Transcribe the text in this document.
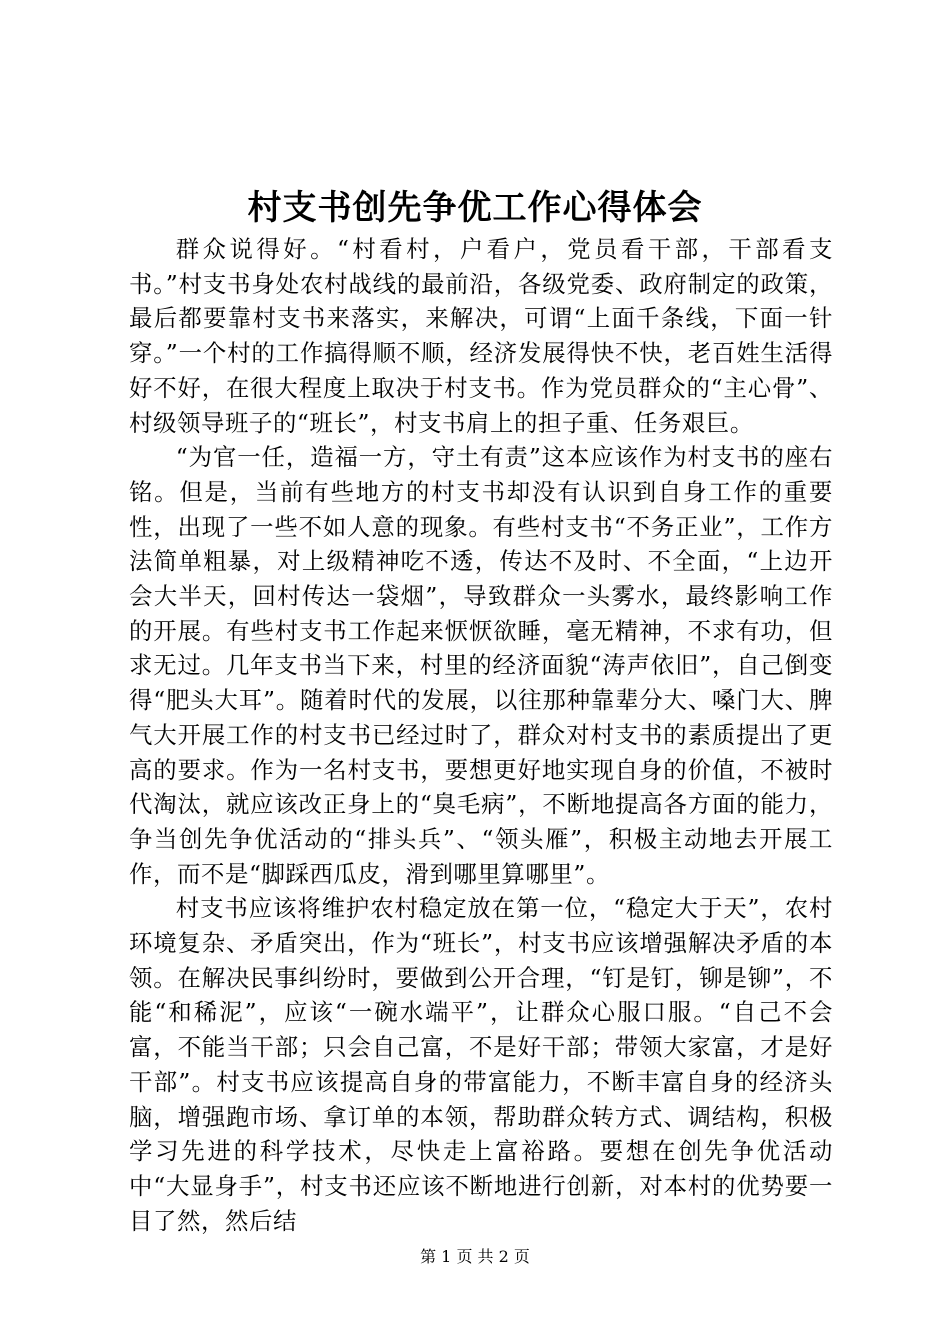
村支书创先争优工作心得体会

群众说得好。“村看村，户看户，党员看干部，干部看支书。”村支书身处农村战线的最前沿，各级党委、政府制定的政策，最后都要靠村支书来落实，来解决，可谓“上面千条线，下面一针穿。”一个村的工作搞得顺不顺，经济发展得快不快，老百姓生活得好不好，在很大程度上取决于村支书。作为党员群众的“主心骨”、村级领导班子的“班长”，村支书肩上的担子重、任务艰巨。

“为官一任，造福一方，守土有责”这本应该作为村支书的座右铭。但是，当前有些地方的村支书却没有认识到自身工作的重要性，出现了一些不如人意的现象。有些村支书“不务正业”，工作方法简单粗暴，对上级精神吃不透，传达不及时、不全面，“上边开会大半天，回村传达一袋烟”，导致群众一头雾水，最终影响工作的开展。有些村支书工作起来恹恹欲睡，毫无精神，不求有功，但求无过。几年支书当下来，村里的经济面貌“涛声依旧”，自己倒变得“肥头大耳”。随着时代的发展，以往那种靠辈分大、嗓门大、脾气大开展工作的村支书已经过时了，群众对村支书的素质提出了更高的要求。作为一名村支书，要想更好地实现自身的价值，不被时代淘汰，就应该改正身上的“臭毛病”，不断地提高各方面的能力，争当创先争优活动的“排头兵”、“领头雁”，积极主动地去开展工作，而不是“脚踩西瓜皮，滑到哪里算哪里”。

村支书应该将维护农村稳定放在第一位，“稳定大于天”，农村环境复杂、矛盾突出，作为“班长”，村支书应该增强解决矛盾的本领。在解决民事纠纷时，要做到公开合理，“钉是钉，铆是铆”，不能“和稀泥”，应该“一碗水端平”，让群众心服口服。“自己不会富，不能当干部；只会自己富，不是好干部；带领大家富，才是好干部”。村支书应该提高自身的带富能力，不断丰富自身的经济头脑，增强跑市场、拿订单的本领，帮助群众转方式、调结构，积极学习先进的科学技术，尽快走上富裕路。要想在创先争优活动中“大显身手”，村支书还应该不断地进行创新，对本村的优势要一目了然，然后结

第 1 页 共 2 页
